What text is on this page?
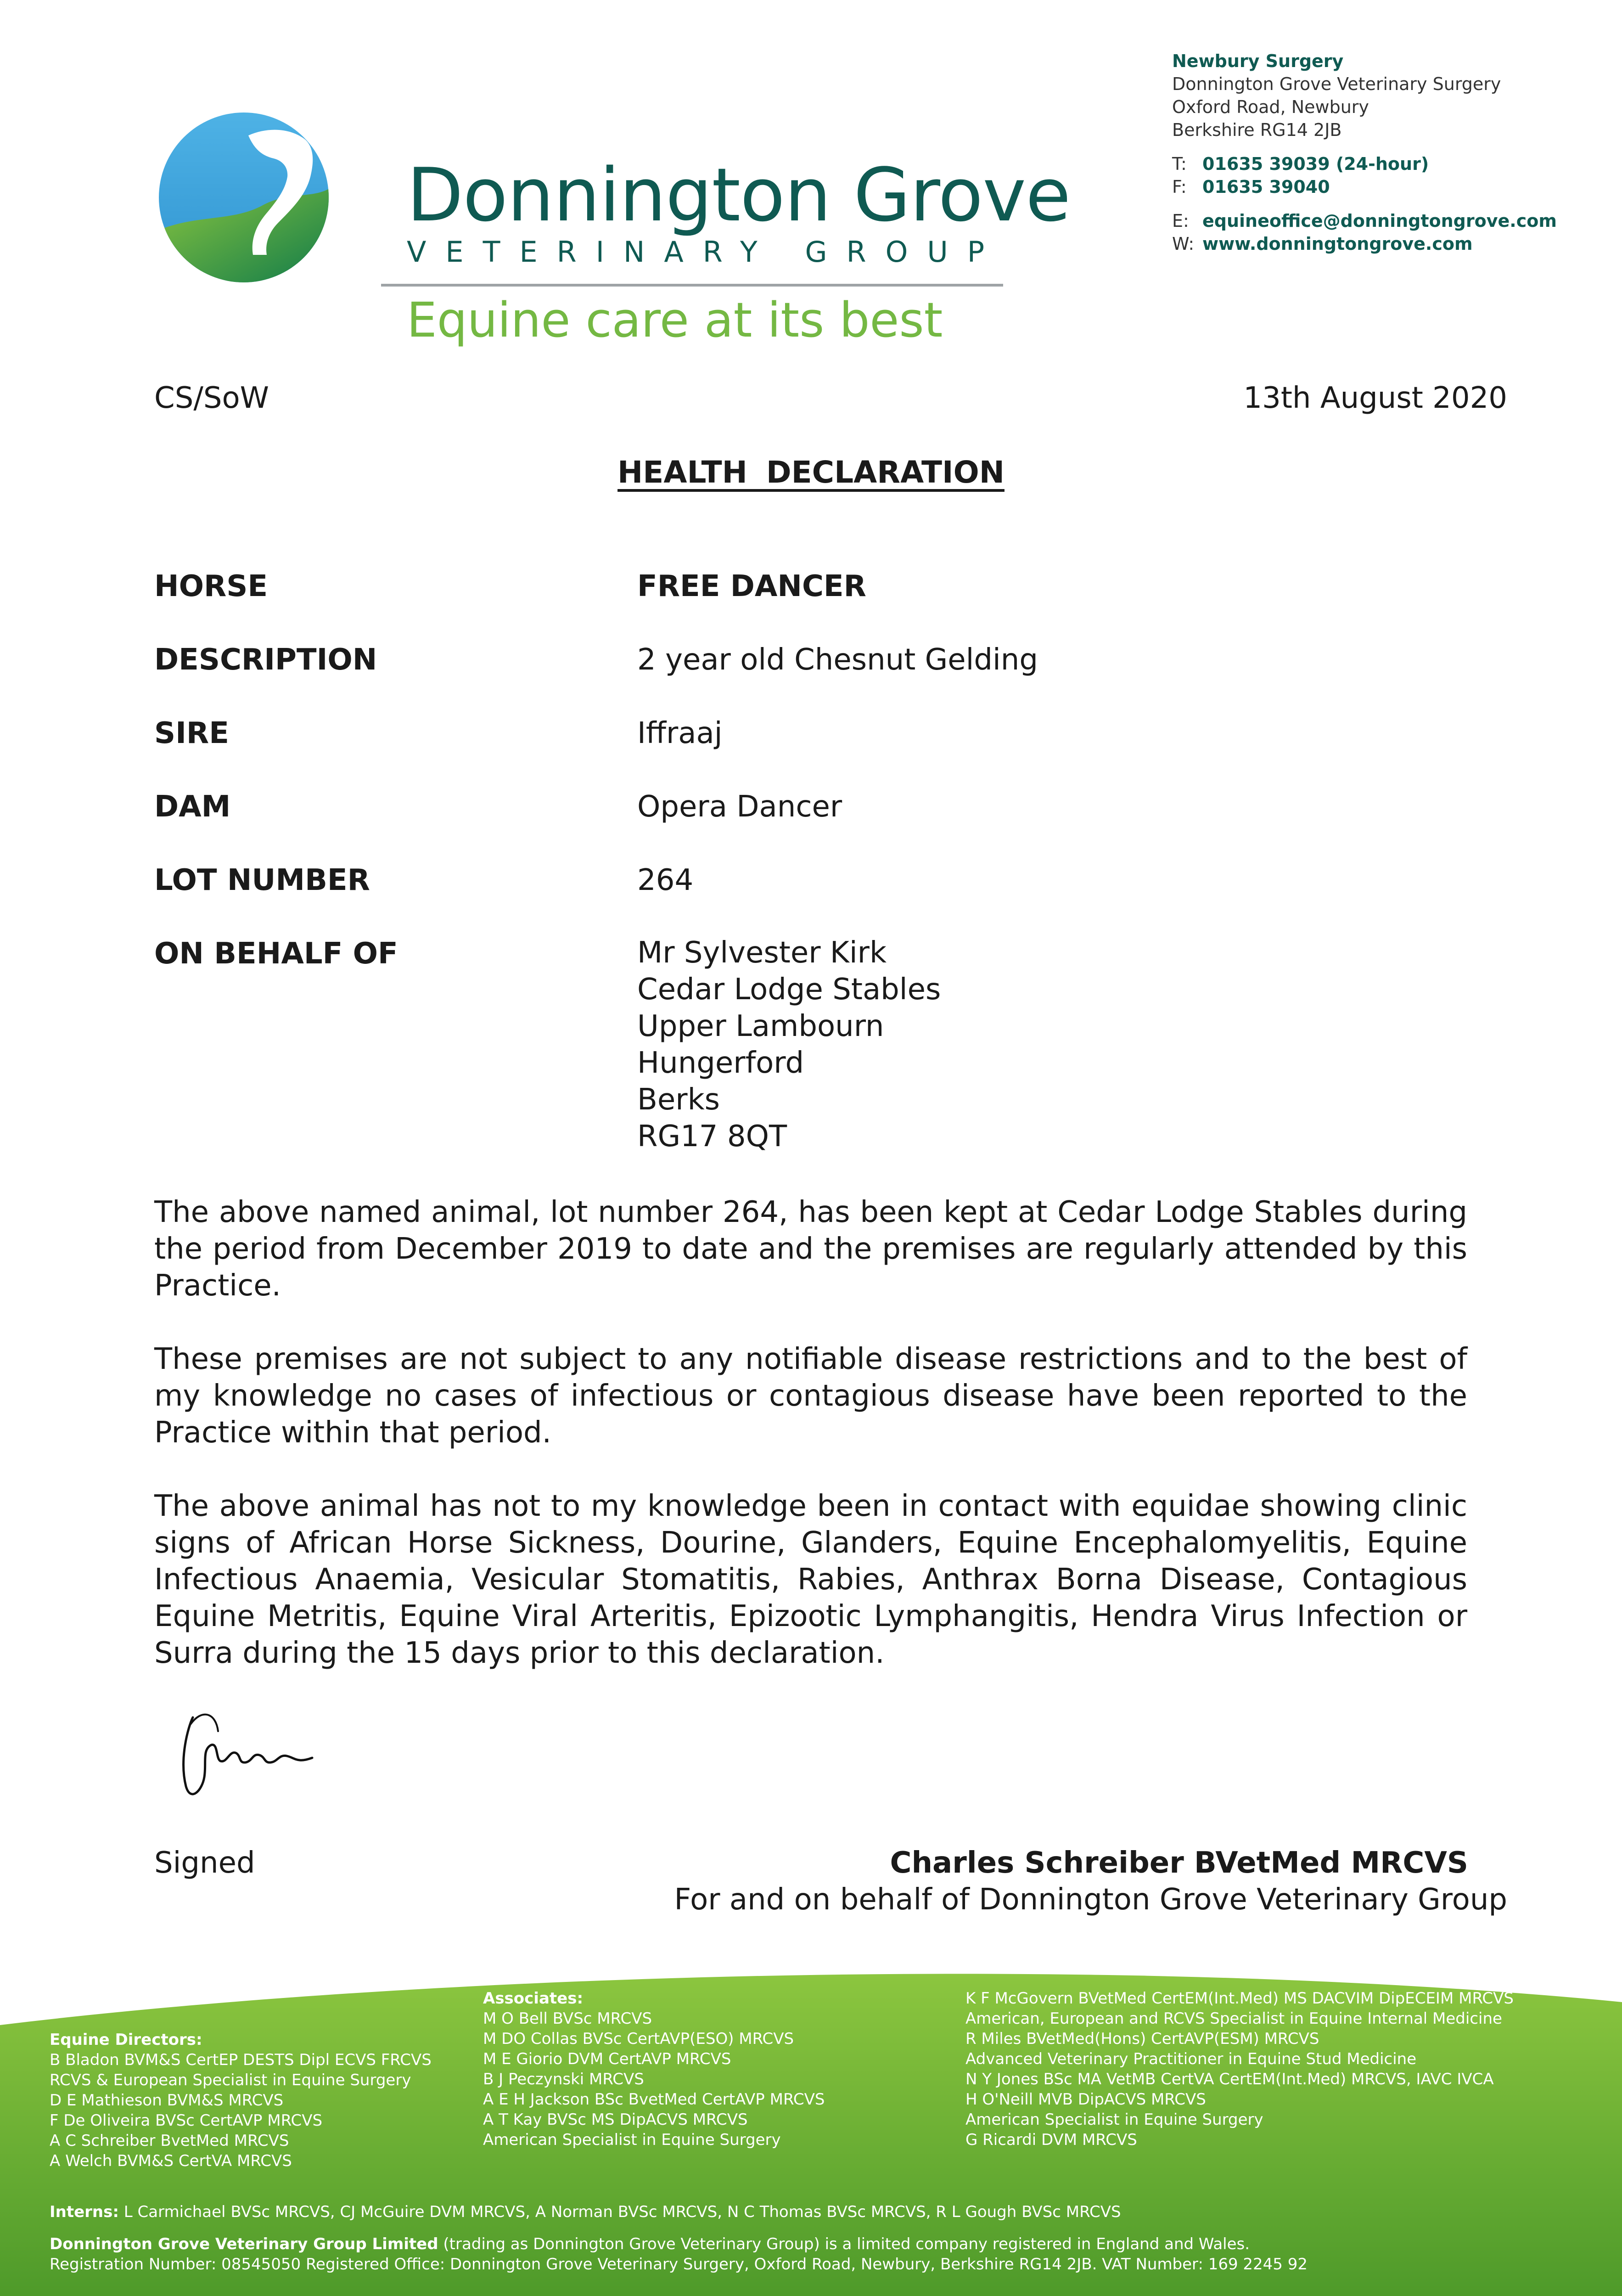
Donnington Grove
VETERINARY GROUP
Equine care at its best
Newbury Surgery
Donnington Grove Veterinary Surgery
Oxford Road, Newbury
Berkshire RG14 2JB
T: 01635 39039 (24-hour)
F: 01635 39040
E: equineoffice@donningtongrove.com
W: www.donningtongrove.com
CS/SoW	13th August 2020
HEALTH DECLARATION
HORSE	FREE DANCER
DESCRIPTION	2 year old Chesnut Gelding
SIRE	Iffraaj
DAM	Opera Dancer
LOT NUMBER	264
ON BEHALF OF	Mr Sylvester Kirk
Cedar Lodge Stables
Upper Lambourn
Hungerford
Berks
RG17 8QT
The above named animal, lot number 264, has been kept at Cedar Lodge Stables during the period from December 2019 to date and the premises are regularly attended by this Practice.
These premises are not subject to any notifiable disease restrictions and to the best of my knowledge no cases of infectious or contagious disease have been reported to the Practice within that period.
The above animal has not to my knowledge been in contact with equidae showing clinic signs of African Horse Sickness, Dourine, Glanders, Equine Encephalomyelitis, Equine Infectious Anaemia, Vesicular Stomatitis, Rabies, Anthrax Borna Disease, Contagious Equine Metritis, Equine Viral Arteritis, Epizootic Lymphangitis, Hendra Virus Infection or Surra during the 15 days prior to this declaration.
Signed	Charles Schreiber BVetMed MRCVS
For and on behalf of Donnington Grove Veterinary Group
Equine Directors:
B Bladon BVM&S CertEP DESTS Dipl ECVS FRCVS
RCVS & European Specialist in Equine Surgery
D E Mathieson BVM&S MRCVS
F De Oliveira BVSc CertAVP MRCVS
A C Schreiber BvetMed MRCVS
A Welch BVM&S CertVA MRCVS
Associates:
M O Bell BVSc MRCVS
M DO Collas BVSc CertAVP(ESO) MRCVS
M E Giorio DVM CertAVP MRCVS
B J Peczynski MRCVS
A E H Jackson BSc BvetMed CertAVP MRCVS
A T Kay BVSc MS DipACVS MRCVS
American Specialist in Equine Surgery
K F McGovern BVetMed CertEM(Int.Med) MS DACVIM DipECEIM MRCVS
American, European and RCVS Specialist in Equine Internal Medicine
R Miles BVetMed(Hons) CertAVP(ESM) MRCVS
Advanced Veterinary Practitioner in Equine Stud Medicine
N Y Jones BSc MA VetMB CertVA CertEM(Int.Med) MRCVS, IAVC IVCA
H O'Neill MVB DipACVS MRCVS
American Specialist in Equine Surgery
G Ricardi DVM MRCVS
Interns: L Carmichael BVSc MRCVS, CJ McGuire DVM MRCVS, A Norman BVSc MRCVS, N C Thomas BVSc MRCVS, R L Gough BVSc MRCVS
Donnington Grove Veterinary Group Limited (trading as Donnington Grove Veterinary Group) is a limited company registered in England and Wales.
Registration Number: 08545050 Registered Office: Donnington Grove Veterinary Surgery, Oxford Road, Newbury, Berkshire RG14 2JB. VAT Number: 169 2245 92
